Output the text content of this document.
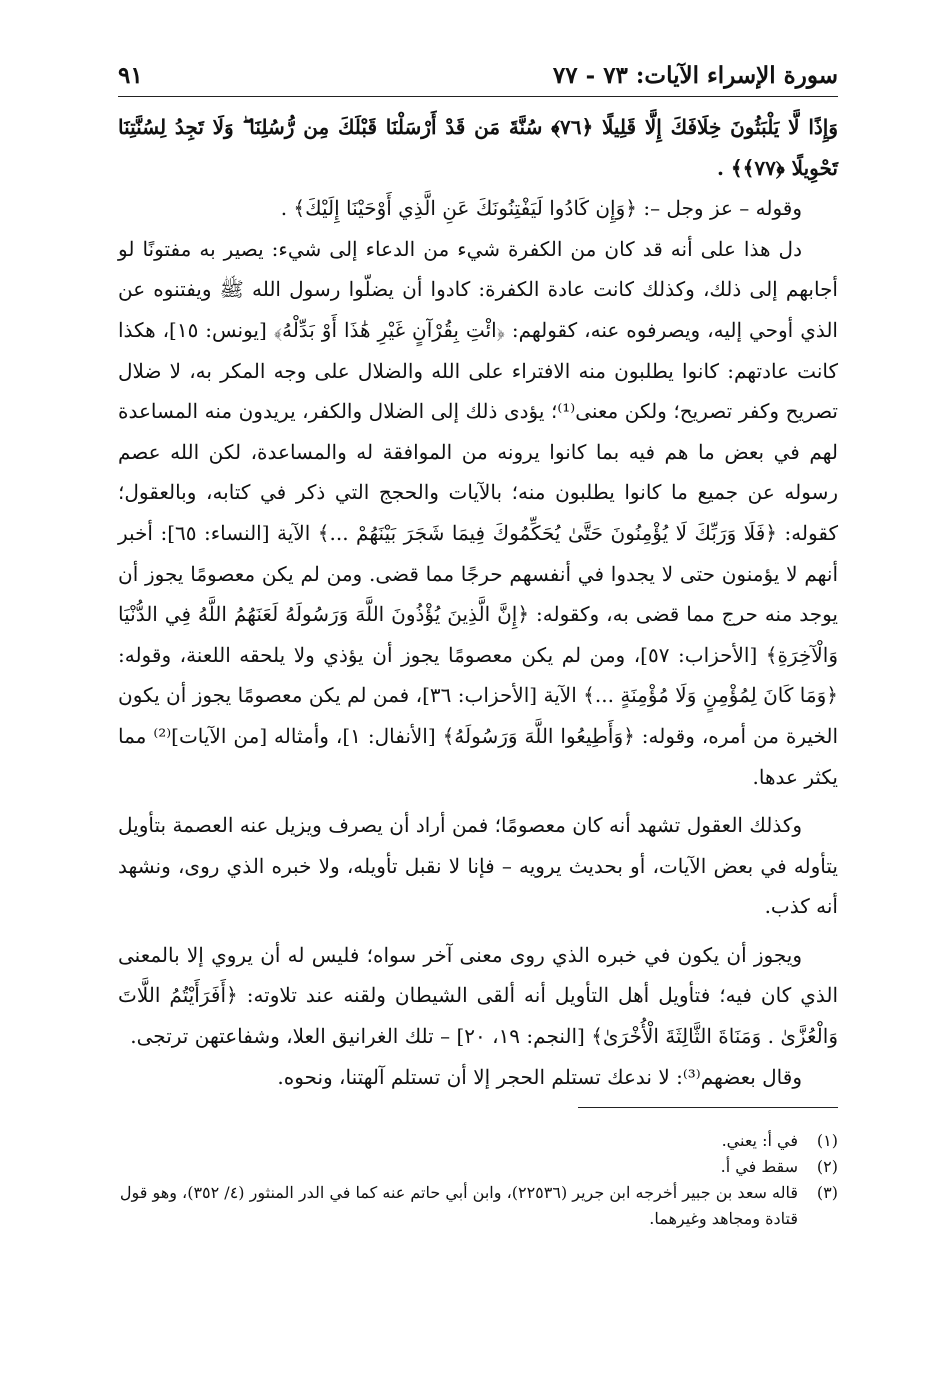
سورة الإسراء الآيات: ٧٣ - ٧٧
٩١

وَإِذًا لَّا يَلْبَثُونَ خِلَافَكَ إِلَّا قَلِيلًا ﴿٧٦﴾ سُنَّةَ مَن قَدْ أَرْسَلْنَا قَبْلَكَ مِن رُّسُلِنَا ۖ وَلَا تَجِدُ لِسُنَّتِنَا تَحْوِيلًا ﴿٧٧﴾﴾ .

وقوله – عز وجل –: ﴿وَإِن كَادُوا لَيَفْتِنُونَكَ عَنِ الَّذِي أَوْحَيْنَا إِلَيْكَ﴾ .

دل هذا على أنه قد كان من الكفرة شيء من الدعاء إلى شيء: يصير به مفتونًا لو أجابهم إلى ذلك، وكذلك كانت عادة الكفرة: كادوا أن يضلّوا رسول الله ﷺ ويفتنوه عن الذي أوحي إليه، ويصرفوه عنه، كقولهم: ﴿ائْتِ بِقُرْآنٍ غَيْرِ هَٰذَا أَوْ بَدِّلْهُ﴾ [يونس: ١٥]، هكذا كانت عادتهم: كانوا يطلبون منه الافتراء على الله والضلال على وجه المكر به، لا ضلال تصريح وكفر تصريح؛ ولكن معنى⁽¹⁾؛ يؤدى ذلك إلى الضلال والكفر، يريدون منه المساعدة لهم في بعض ما هم فيه بما كانوا يرونه من الموافقة له والمساعدة، لكن الله عصم رسوله عن جميع ما كانوا يطلبون منه؛ بالآيات والحجج التي ذكر في كتابه، وبالعقول؛ كقوله: ﴿فَلَا وَرَبِّكَ لَا يُؤْمِنُونَ حَتَّىٰ يُحَكِّمُوكَ فِيمَا شَجَرَ بَيْنَهُمْ ...﴾ الآية [النساء: ٦٥]: أخبر أنهم لا يؤمنون حتى لا يجدوا في أنفسهم حرجًا مما قضى. ومن لم يكن معصومًا يجوز أن يوجد منه حرج مما قضى به، وكقوله: ﴿إِنَّ الَّذِينَ يُؤْذُونَ اللَّهَ وَرَسُولَهُ لَعَنَهُمُ اللَّهُ فِي الدُّنْيَا وَالْآخِرَةِ﴾ [الأحزاب: ٥٧]، ومن لم يكن معصومًا يجوز أن يؤذي ولا يلحقه اللعنة، وقوله: ﴿وَمَا كَانَ لِمُؤْمِنٍ وَلَا مُؤْمِنَةٍ ...﴾ الآية [الأحزاب: ٣٦]، فمن لم يكن معصومًا يجوز أن يكون الخيرة من أمره، وقوله: ﴿وَأَطِيعُوا اللَّهَ وَرَسُولَهُ﴾ [الأنفال: ١]، وأمثاله [من الآيات]⁽²⁾ مما يكثر عدها.

وكذلك العقول تشهد أنه كان معصومًا؛ فمن أراد أن يصرف ويزيل عنه العصمة بتأويل يتأوله في بعض الآيات، أو بحديث يرويه – فإنا لا نقبل تأويله، ولا خبره الذي روى، ونشهد أنه كذب.

ويجوز أن يكون في خبره الذي روى معنى آخر سواه؛ فليس له أن يروي إلا بالمعنى الذي كان فيه؛ فتأويل أهل التأويل أنه ألقى الشيطان ولقنه عند تلاوته: ﴿أَفَرَأَيْتُمُ اللَّاتَ وَالْعُزَّىٰ . وَمَنَاةَ الثَّالِثَةَ الْأُخْرَىٰ﴾ [النجم: ١٩، ٢٠] – تلك الغرانيق العلا، وشفاعتهن ترتجى.

وقال بعضهم⁽³⁾: لا ندعك تستلم الحجر إلا أن تستلم آلهتنا، ونحوه.

(١)
في أ: يعني.
(٢)
سقط في أ.
(٣)
قاله سعد بن جبير أخرجه ابن جرير (٢٢٥٣٦)، وابن أبي حاتم عنه كما في الدر المنثور (٤/ ٣٥٢)، وهو قول قتادة ومجاهد وغيرهما.
